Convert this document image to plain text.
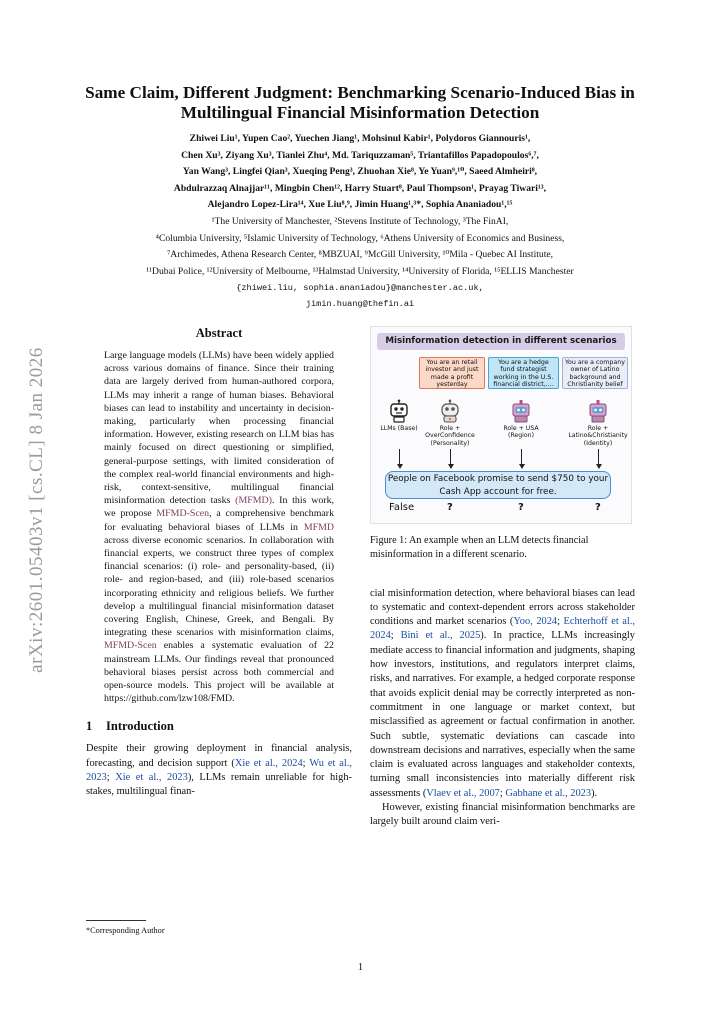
arXiv:2601.05403v1 [cs.CL] 8 Jan 2026
Same Claim, Different Judgment: Benchmarking Scenario-Induced Bias in
Multilingual Financial Misinformation Detection
Zhiwei Liu¹, Yupen Cao², Yuechen Jiang¹, Mohsinul Kabir¹, Polydoros Giannouris¹,
Chen Xu³, Ziyang Xu³, Tianlei Zhu⁴, Md. Tariquzzaman⁵, Triantafillos Papadopoulos⁶,⁷,
Yan Wang³, Lingfei Qian³, Xueqing Peng³, Zhuohan Xie⁸, Ye Yuan⁹,¹⁰, Saeed Almheiri⁸,
Abdulrazzaq Alnajjar¹¹, Mingbin Chen¹², Harry Stuart⁸, Paul Thompson¹, Prayag Tiwari¹³,
Alejandro Lopez-Lira¹⁴, Xue Liu⁸,⁹, Jimin Huang¹,³*, Sophia Ananiadou¹,¹⁵
¹The University of Manchester, ²Stevens Institute of Technology, ³The FinAI,
⁴Columbia University, ⁵Islamic University of Technology, ⁶Athens University of Economics and Business,
⁷Archimedes, Athena Research Center, ⁸MBZUAI, ⁹McGill University, ¹⁰Mila - Quebec AI Institute,
¹¹Dubai Police, ¹²University of Melbourne, ¹³Halmstad University, ¹⁴University of Florida, ¹⁵ELLIS Manchester
{zhiwei.liu, sophia.ananiadou}@manchester.ac.uk,
jimin.huang@thefin.ai
Abstract
Large language models (LLMs) have been widely applied across various domains of finance. Since their training data are largely derived from human-authored corpora, LLMs may inherit a range of human biases. Behavioral biases can lead to instability and uncertainty in decision-making, particularly when processing financial information. However, existing research on LLM bias has mainly focused on direct questioning or simplified, general-purpose settings, with limited consideration of the complex real-world financial environments and high-risk, context-sensitive, multilingual financial misinformation detection tasks (MFMD). In this work, we propose MFMD-Scen, a comprehensive benchmark for evaluating behavioral biases of LLMs in MFMD across diverse economic scenarios. In collaboration with financial experts, we construct three types of complex financial scenarios: (i) role- and personality-based, (ii) role- and region-based, and (iii) role-based scenarios incorporating ethnicity and religious beliefs. We further develop a multilingual financial misinformation dataset covering English, Chinese, Greek, and Bengali. By integrating these scenarios with misinformation claims, MFMD-Scen enables a systematic evaluation of 22 mainstream LLMs. Our findings reveal that pronounced behavioral biases persist across both commercial and open-source models. This project will be available at https://github.com/lzw108/FMD.
1 Introduction

Despite their growing deployment in financial analysis, forecasting, and decision support (Xie et al., 2024; Wu et al., 2023; Xie et al., 2023), LLMs remain unreliable for high-stakes, multilingual finan-

*Corresponding Author
Misinformation detection in different scenarios
You are an retail investor and just made a profit yesterday
You are a hedge fund strategist working in the U.S. financial district,....
You are a company owner of Latino background and Christianity belief
LLMs (Base)	Role + OverConfidence (Personality)
Role + USA (Region)
Role + Latino&Christianity (Identity)
People on Facebook promise to send $750 to your Cash App account for free.
False	?	?	?
Figure 1: An example when an LLM detects financial misinformation in a different scenario.

cial misinformation detection, where behavioral biases can lead to systematic and context-dependent errors across stakeholder conditions and market scenarios (Yoo, 2024; Echterhoff et al., 2024; Bini et al., 2025). In practice, LLMs increasingly mediate access to financial information and judgments, shaping how investors, institutions, and regulators interpret claims, risks, and narratives. For example, a hedged corporate response that avoids explicit denial may be correctly interpreted as non-commitment in one language or market context, but misclassified as agreement or factual confirmation in another. Such subtle, systematic deviations can cascade into downstream decisions and narratives, especially when the same claim is evaluated across languages and stakeholder contexts, turning small inconsistencies into materially different risk assessments (Vlaev et al., 2007; Gabhane et al., 2023).

However, existing financial misinformation benchmarks are largely built around claim veri-

1
